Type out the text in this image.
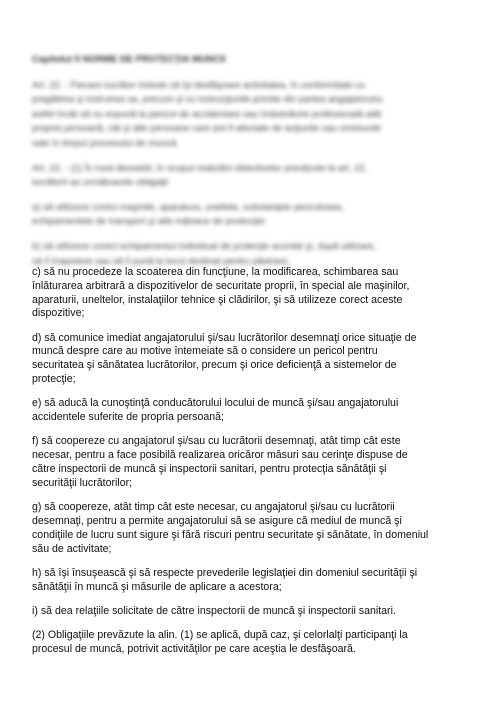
Capitolul II NORME DE PROTECŢIA MUNCII
Art. 22. - Fiecare lucrător trebuie să îşi desfăşoare activitatea, în conformitate cu
pregătirea şi instruirea sa, precum şi cu instrucţiunile primite din partea angajatorului,
astfel încât să nu expună la pericol de accidentare sau îmbolnăvire profesională atât
propria persoană, cât şi alte persoane care pot fi afectate de acţiunile sau omisiunile
sale în timpul procesului de muncă.
Art. 23. - (1) În mod deosebit, în scopul realizării obiectivelor prevăzute la art. 22,
lucrătorii au următoarele obligaţii:
a) să utilizeze corect maşinile, aparatura, uneltele, substanţele periculoase,
echipamentele de transport şi alte mijloace de producţie;
b) să utilizeze corect echipamentul individual de protecţie acordat şi, după utilizare,
să îl înapoieze sau să îl pună la locul destinat pentru păstrare;
c) să nu procedeze la scoaterea din funcţiune, la modificarea, schimbarea sau
înlăturarea arbitrară a dispozitivelor de securitate proprii, în special ale maşinilor,
aparaturii, uneltelor, instalaţiilor tehnice şi clădirilor, şi să utilizeze corect aceste
dispozitive;
d) să comunice imediat angajatorului şi/sau lucrătorilor desemnaţi orice situaţie de
muncă despre care au motive întemeiate să o considere un pericol pentru
securitatea şi sănătatea lucrătorilor, precum şi orice deficienţă a sistemelor de
protecţie;
e) să aducă la cunoştinţă conducătorului locului de muncă şi/sau angajatorului
accidentele suferite de propria persoană;
f) să coopereze cu angajatorul şi/sau cu lucrătorii desemnaţi, atât timp cât este
necesar, pentru a face posibilă realizarea oricăror măsuri sau cerinţe dispuse de
către inspectorii de muncă şi inspectorii sanitari, pentru protecţia sănătăţii şi
securităţii lucrătorilor;
g) să coopereze, atât timp cât este necesar, cu angajatorul şi/sau cu lucrătorii
desemnaţi, pentru a permite angajatorului să se asigure că mediul de muncă şi
condiţiile de lucru sunt sigure şi fără riscuri pentru securitate şi sănătate, în domeniul
său de activitate;
h) să îşi însuşească şi să respecte prevederile legislaţiei din domeniul securităţii şi
sănătăţii în muncă şi măsurile de aplicare a acestora;
i) să dea relaţiile solicitate de către inspectorii de muncă şi inspectorii sanitari.
(2) Obligaţiile prevăzute la alin. (1) se aplică, după caz, şi celorlalţi participanţi la
procesul de muncă, potrivit activităţilor pe care aceştia le desfăşoară.
